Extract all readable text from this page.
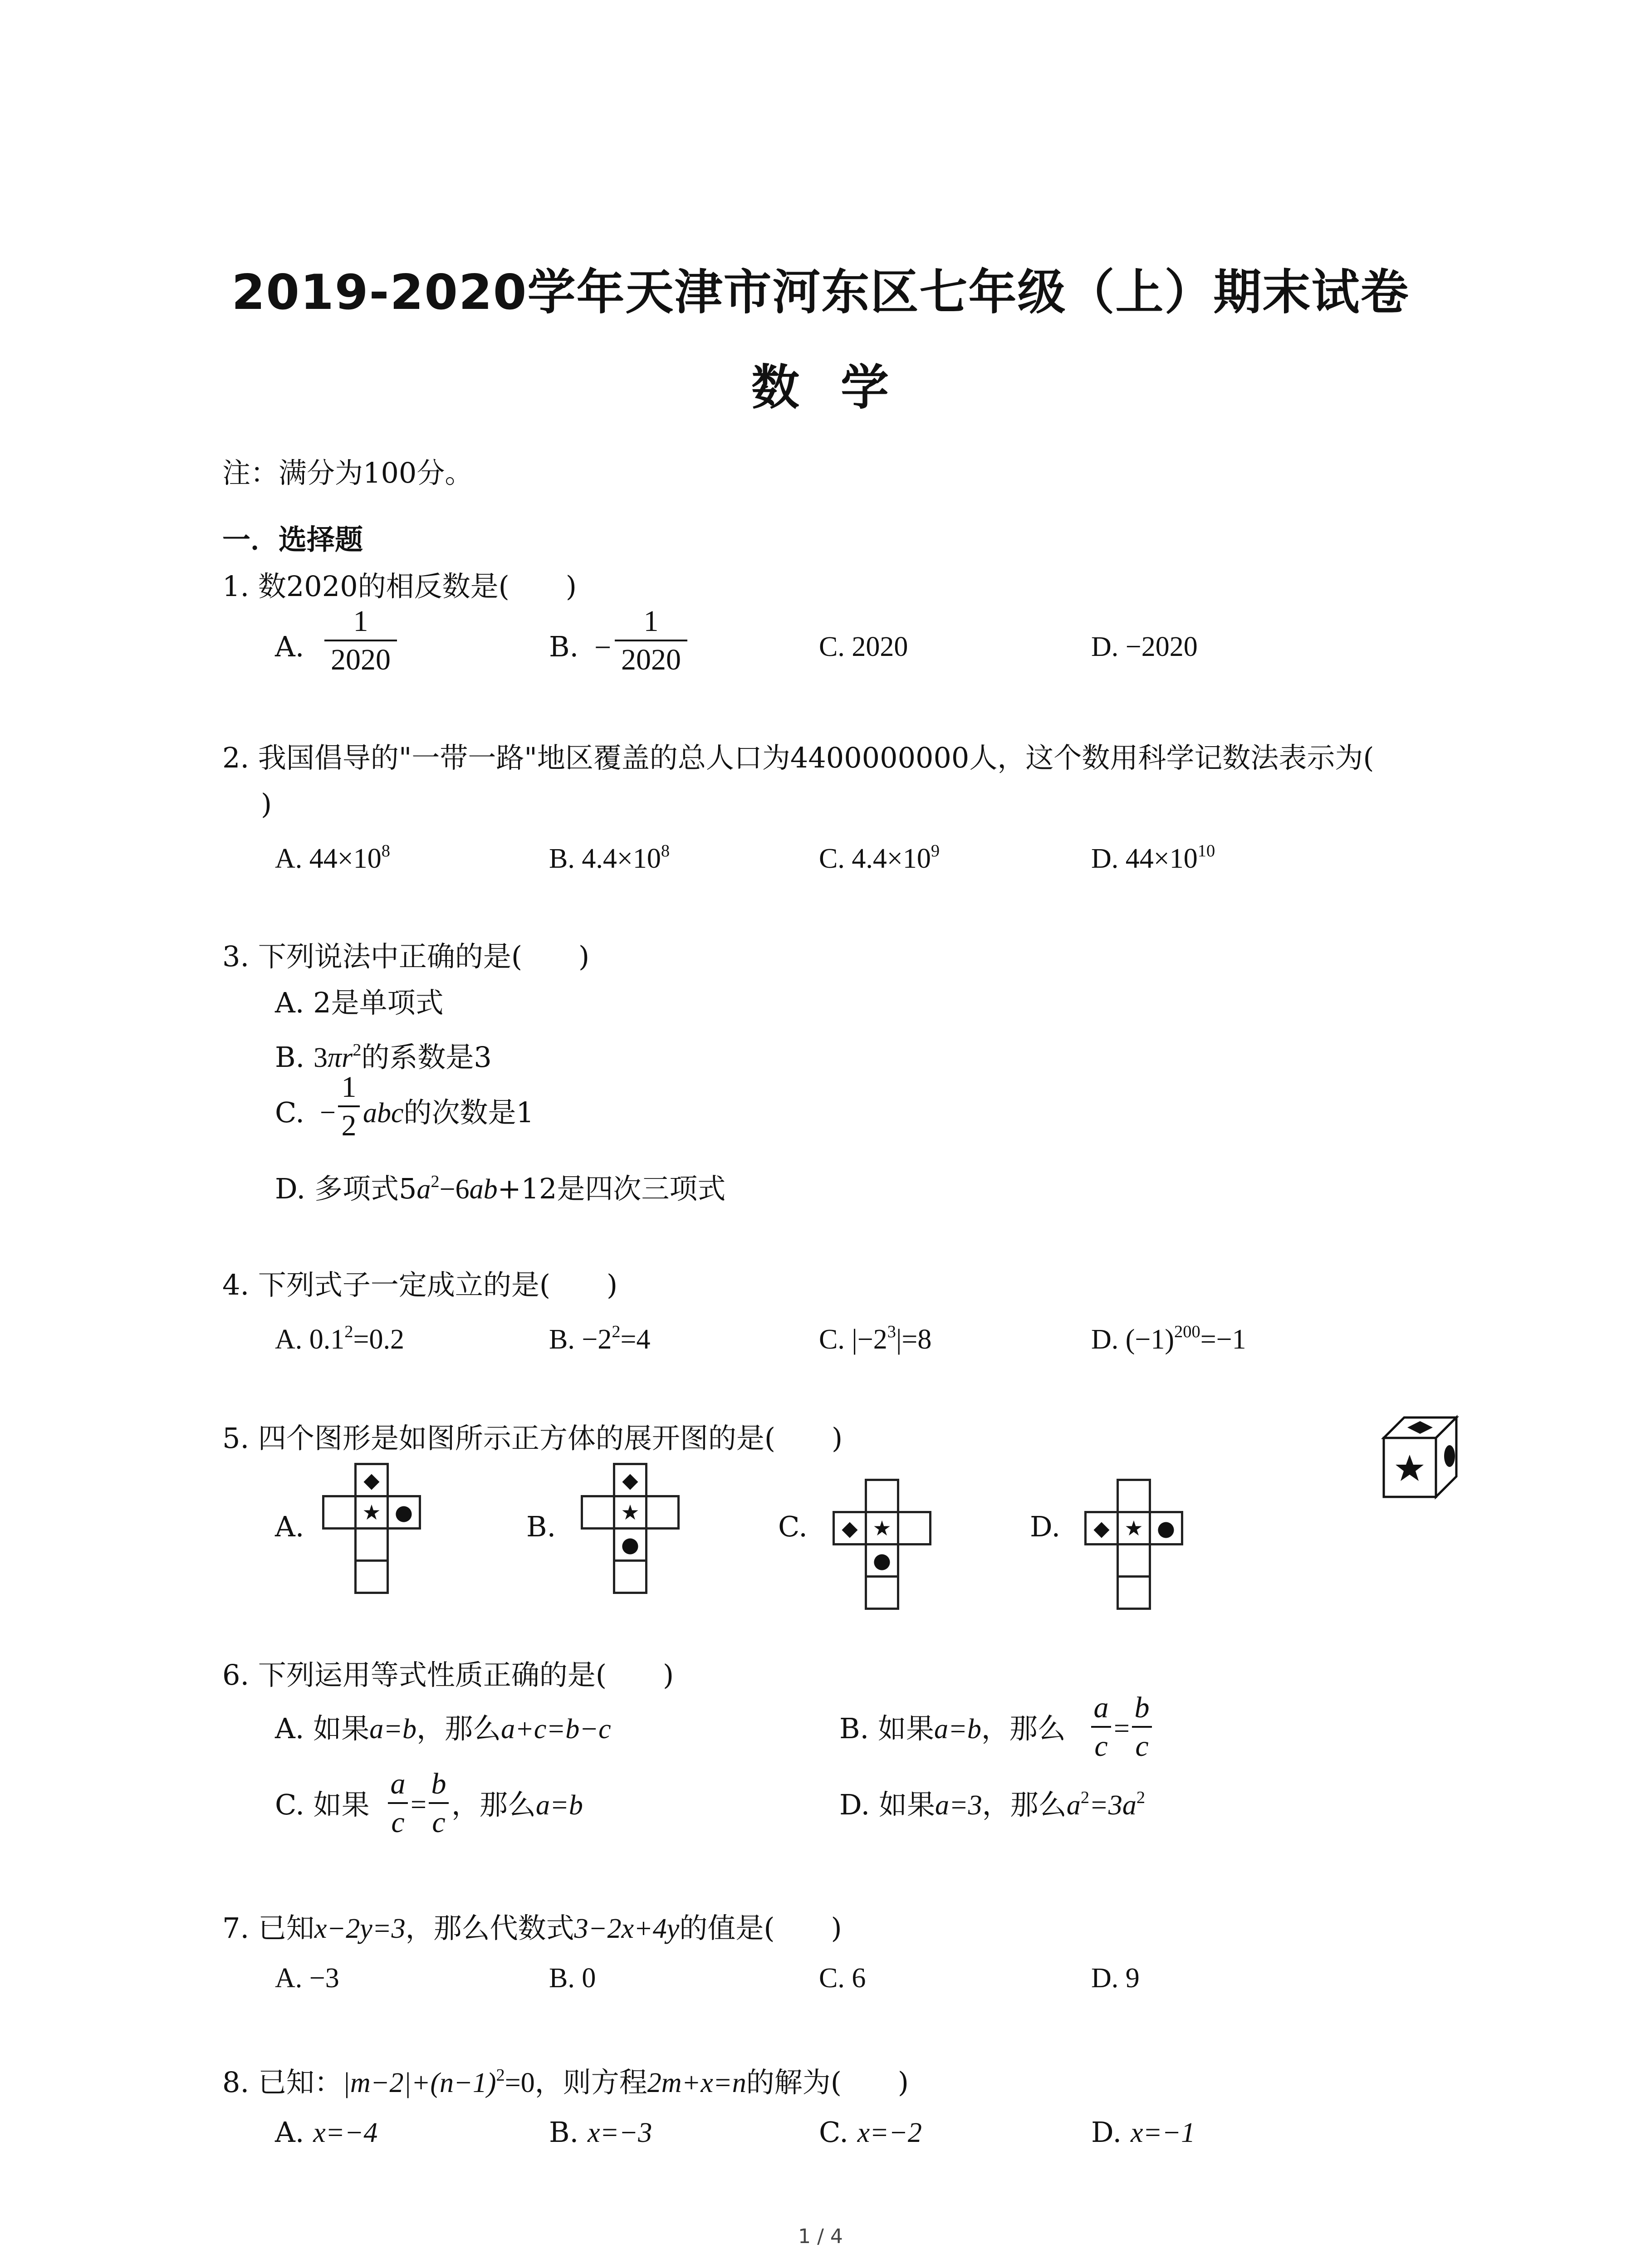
2019-2020学年天津市河东区七年级（上）期末试卷
数 学
注：满分为100分。
一．选择题
1. 数2020的相反数是(　　)
A.
1
2020	B. −
1
2020	C. 2020	D. −2020
2. 我国倡导的"一带一路"地区覆盖的总人口为4400000000人，这个数用科学记数法表示为(
)
A. $44\times 10^8$	B. $4.4\times 10^8$	C. $4.4\times 10^9$	D. $44\times 10^{10}$
3. 下列说法中正确的是(　　)
A. 2是单项式
B. $3\pi r^2$的系数是3
C. −
1
2 abc的次数是1
D. 多项式$5a^2-6ab+12$是四次三项式
4. 下列式子一定成立的是(　　)
A. $0.1^2=0.2$	B. $-2^2=4$	C. $|-2^3|=8$	D. $(-1)^{200}=-1$
5. 四个图形是如图所示正方体的展开图的是(　　)
A.
◆
★ ●	B.
◆
★
●
C.	◆ ★
●
D.	◆ ★ ●
6. 下列运用等式性质正确的是(　　)
A. 如果a=b，那么a+c=b−c	B. 如果a=b，那么
a
c
=
b
c
C. 如果
a
c
=
b
c
，那么a=b	D. 如果a=3，那么$a^2=3a^2$
7. 已知x−2y=3，那么代数式3−2x+4y的值是(　　)
A. −3	B. 0	C. 6	D. 9
8. 已知：$|m-2|+(n-1)^2=0$，则方程2m+x=n的解为(　　)
A. x=−4	B. x=−3	C. x=−2	D. x=−1
1 / 4
